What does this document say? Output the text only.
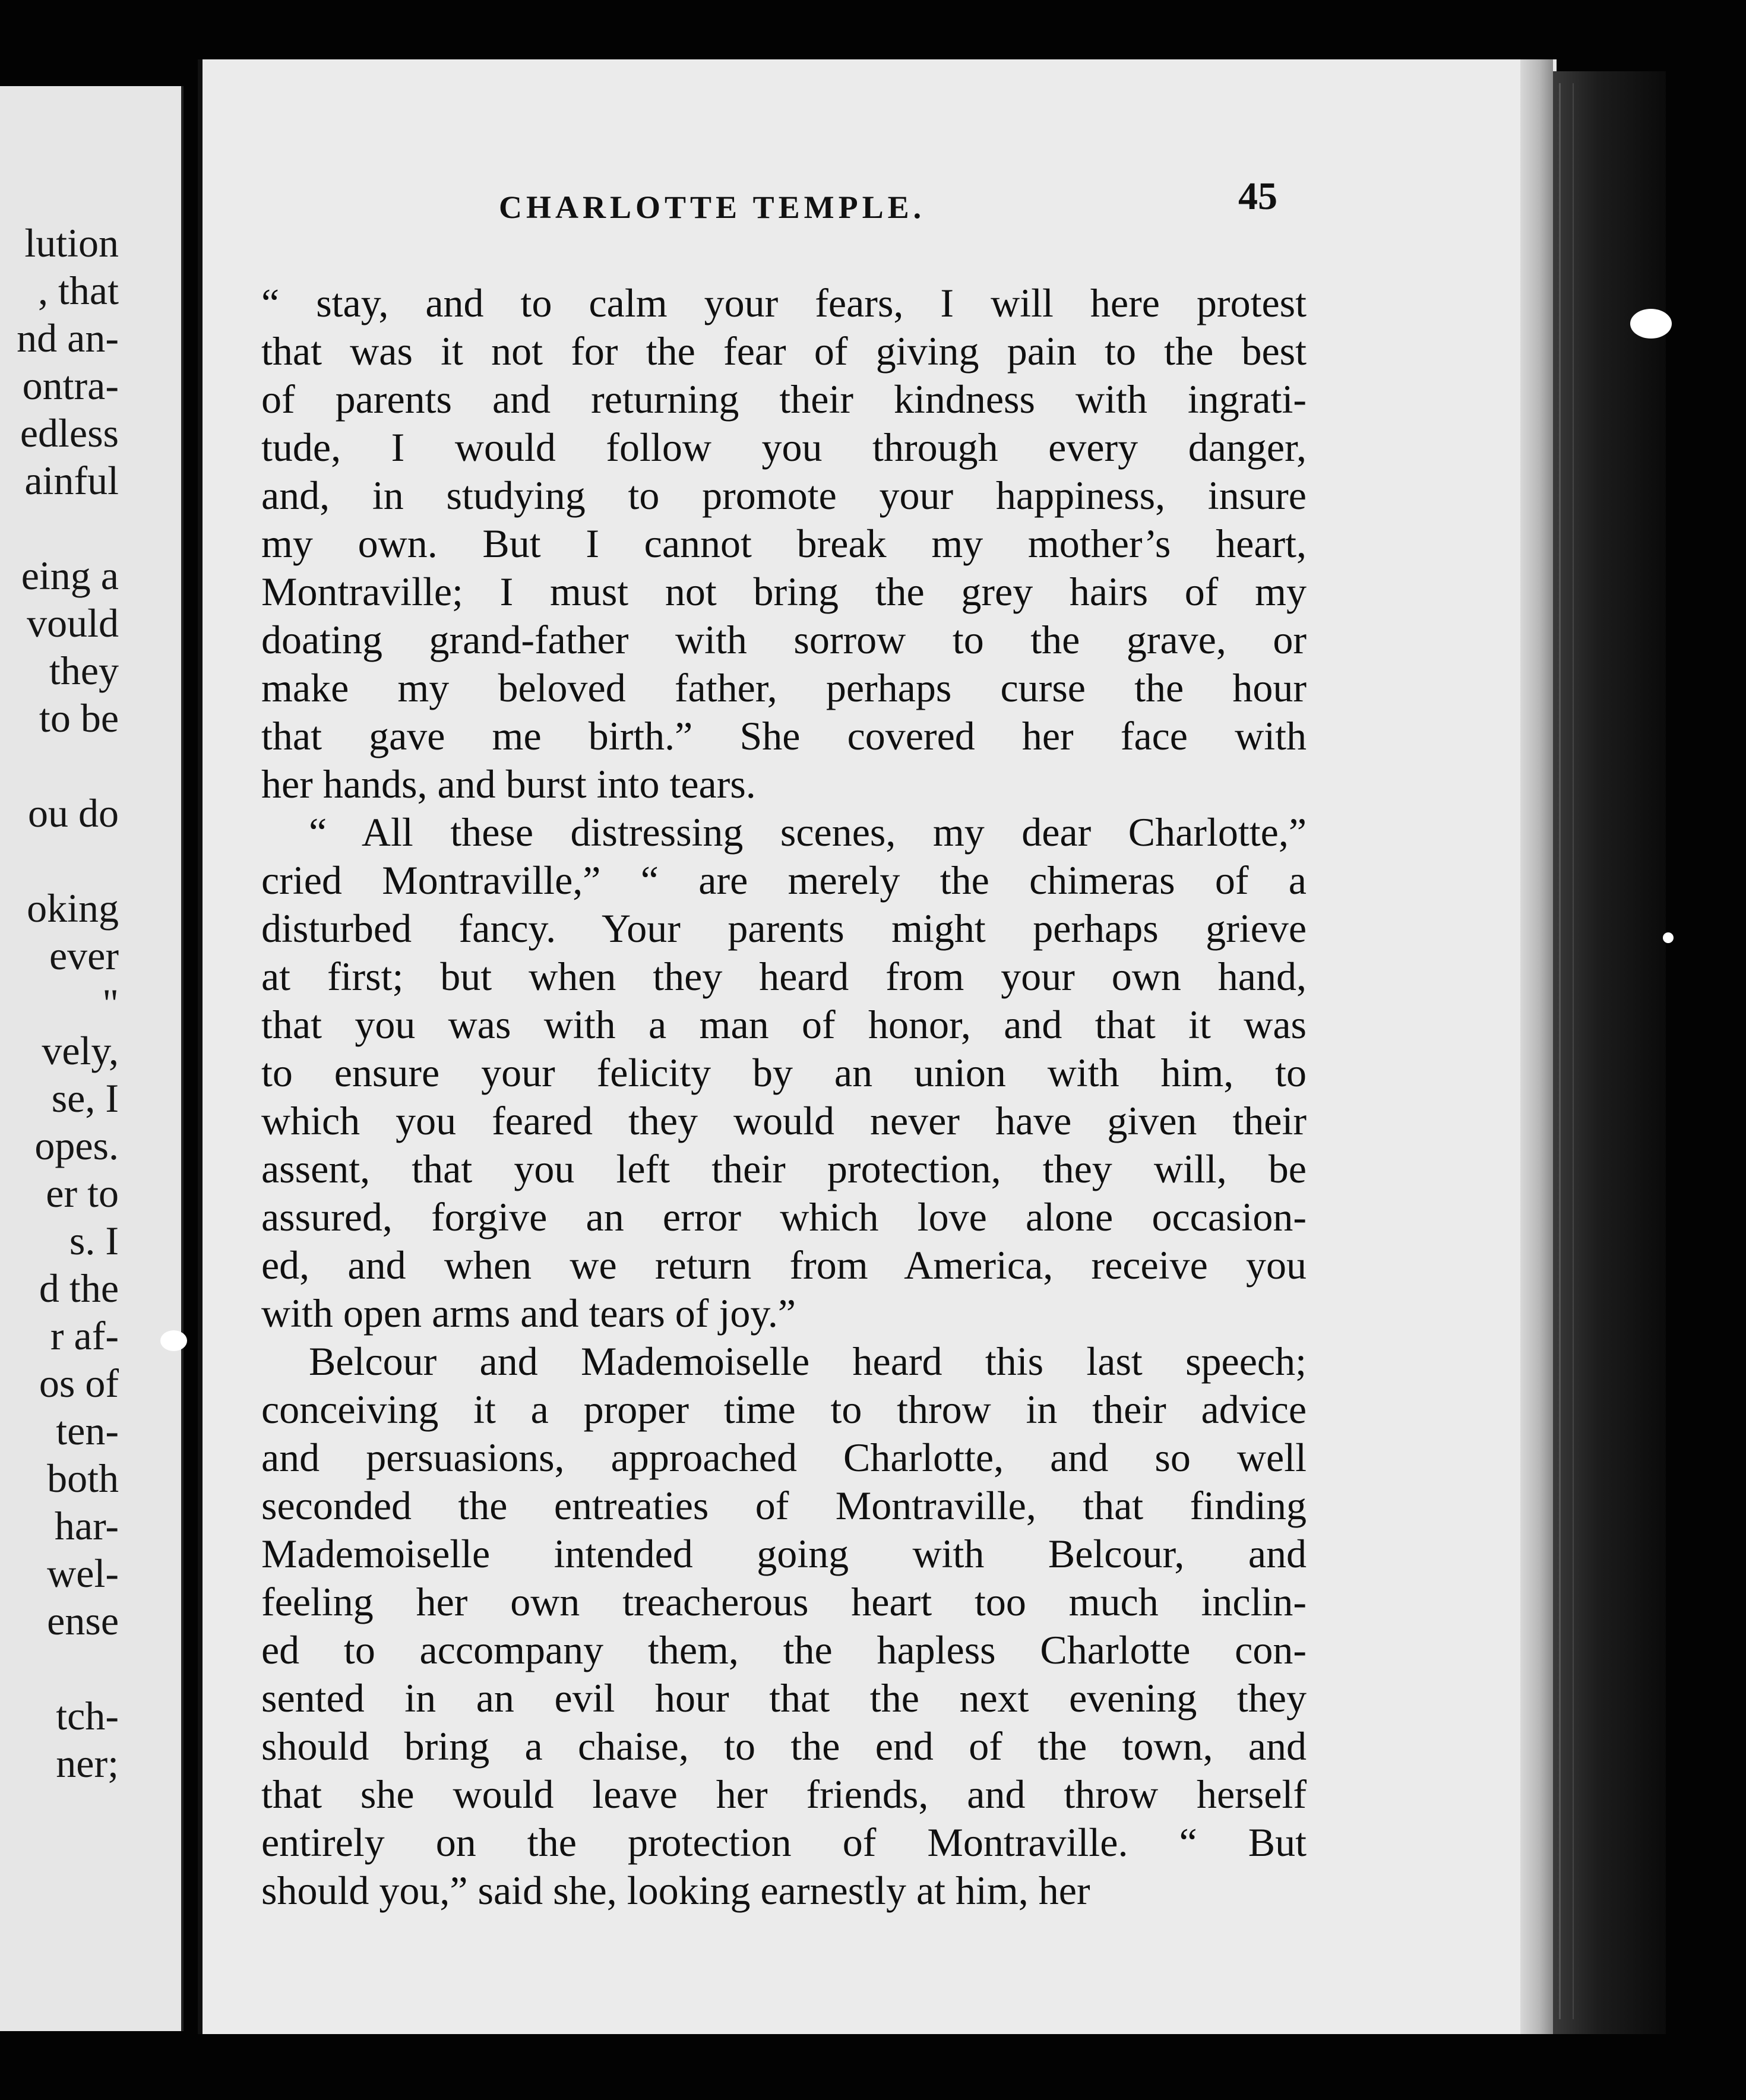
lution
, that
nd an-
ontra-
edless
ainful
eing a
vould
they
to be
ou do
oking
ever
"
vely,
se, I
opes.
er to
s. I
d the
r af-
os of
ten-
both
har-
wel-
ense
tch-
ner;
CHARLOTTE TEMPLE.	45
“ stay, and to calm your fears, I will here protest
that was it not for the fear of giving pain to the best
of parents and returning their kindness with ingrati-
tude, I would follow you through every danger,
and, in studying to promote your happiness, insure
my own. But I cannot break my mother’s heart,
Montraville; I must not bring the grey hairs of my
doating grand-father with sorrow to the grave, or
make my beloved father, perhaps curse the hour
that gave me birth.” She covered her face with
her hands, and burst into tears.
“ All these distressing scenes, my dear Charlotte,”
cried Montraville,” “ are merely the chimeras of a
disturbed fancy. Your parents might perhaps grieve
at first; but when they heard from your own hand,
that you was with a man of honor, and that it was
to ensure your felicity by an union with him, to
which you feared they would never have given their
assent, that you left their protection, they will, be
assured, forgive an error which love alone occasion-
ed, and when we return from America, receive you
with open arms and tears of joy.”
Belcour and Mademoiselle heard this last speech;
conceiving it a proper time to throw in their advice
and persuasions, approached Charlotte, and so well
seconded the entreaties of Montraville, that finding
Mademoiselle intended going with Belcour, and
feeling her own treacherous heart too much inclin-
ed to accompany them, the hapless Charlotte con-
sented in an evil hour that the next evening they
should bring a chaise, to the end of the town, and
that she would leave her friends, and throw herself
entirely on the protection of Montraville. “ But
should you,” said she, looking earnestly at him, her
